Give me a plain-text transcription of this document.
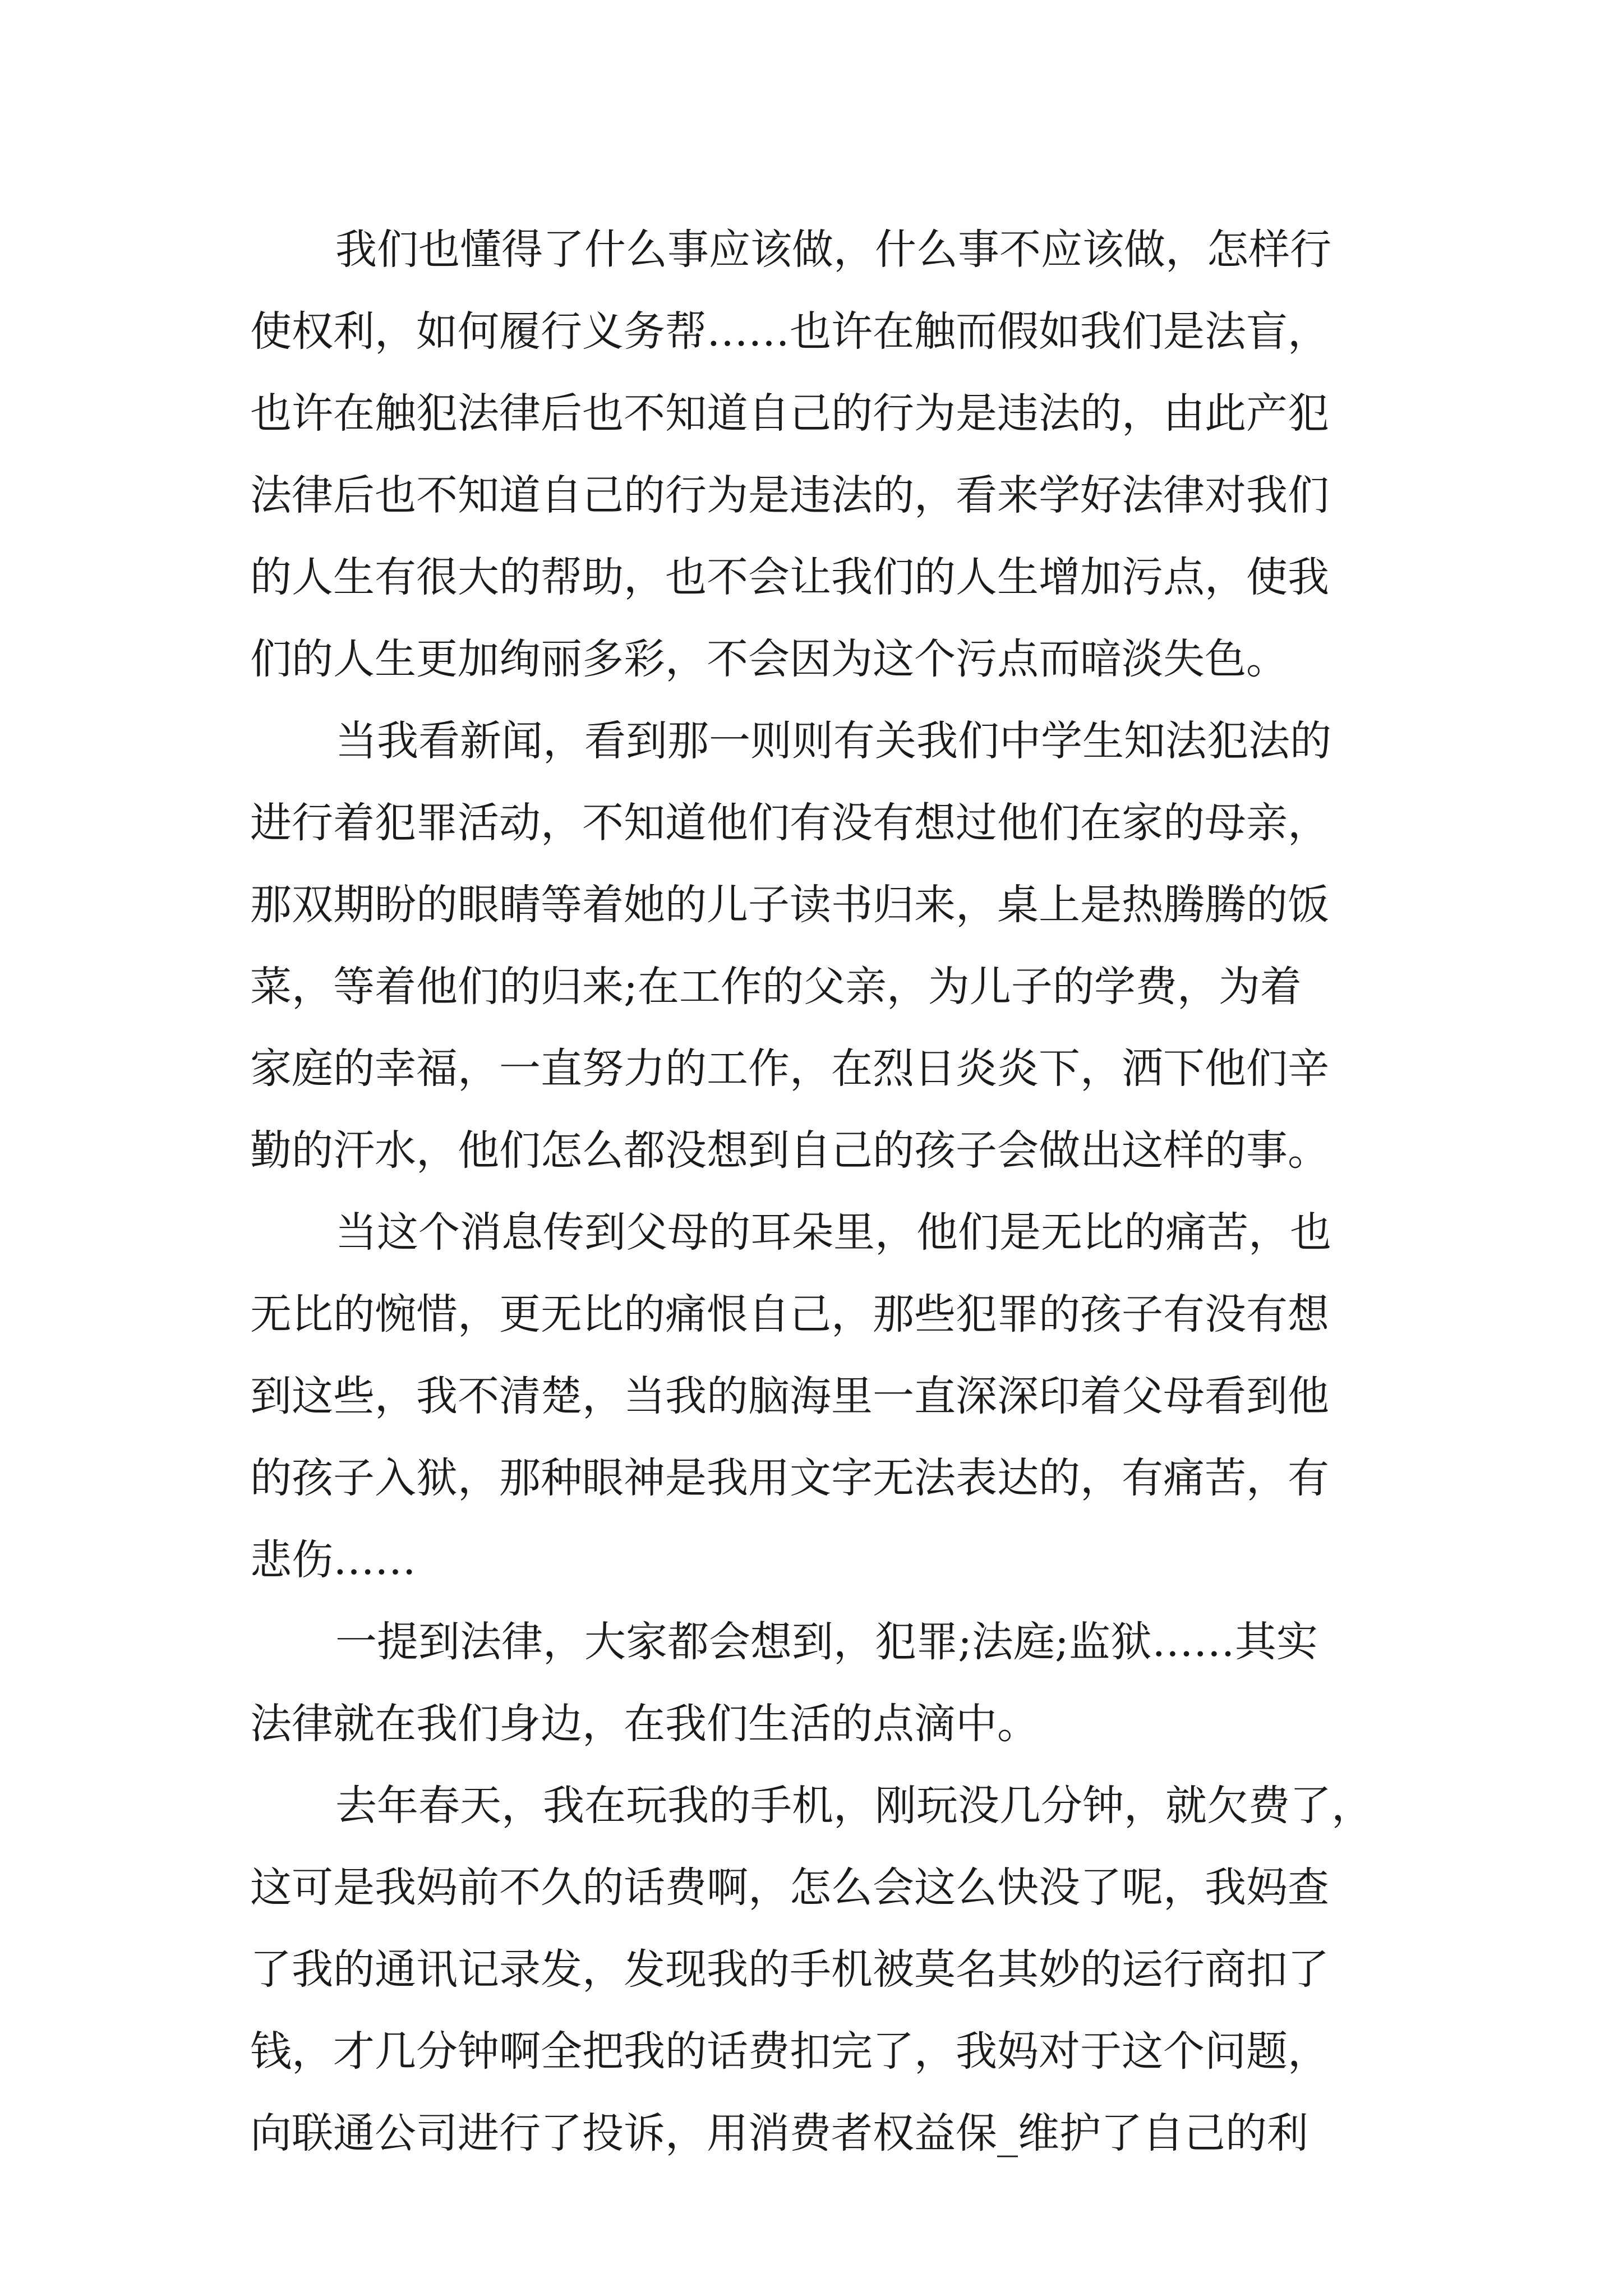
我们也懂得了什么事应该做，什么事不应该做，怎样行
使权利，如何履行义务帮……也许在触而假如我们是法盲，
也许在触犯法律后也不知道自己的行为是违法的，由此产犯
法律后也不知道自己的行为是违法的，看来学好法律对我们
的人生有很大的帮助，也不会让我们的人生增加污点，使我
们的人生更加绚丽多彩，不会因为这个污点而暗淡失色。
当我看新闻，看到那一则则有关我们中学生知法犯法的
进行着犯罪活动，不知道他们有没有想过他们在家的母亲，
那双期盼的眼睛等着她的儿子读书归来，桌上是热腾腾的饭
菜，等着他们的归来;在工作的父亲，为儿子的学费，为着
家庭的幸福，一直努力的工作，在烈日炎炎下，洒下他们辛
勤的汗水，他们怎么都没想到自己的孩子会做出这样的事。
当这个消息传到父母的耳朵里，他们是无比的痛苦，也
无比的惋惜，更无比的痛恨自己，那些犯罪的孩子有没有想
到这些，我不清楚，当我的脑海里一直深深印着父母看到他
的孩子入狱，那种眼神是我用文字无法表达的，有痛苦，有
悲伤……
一提到法律，大家都会想到，犯罪;法庭;监狱……其实
法律就在我们身边，在我们生活的点滴中。
去年春天，我在玩我的手机，刚玩没几分钟，就欠费了，
这可是我妈前不久的话费啊，怎么会这么快没了呢，我妈查
了我的通讯记录发，发现我的手机被莫名其妙的运行商扣了
钱，才几分钟啊全把我的话费扣完了，我妈对于这个问题，
向联通公司进行了投诉，用消费者权益保_维护了自己的利
